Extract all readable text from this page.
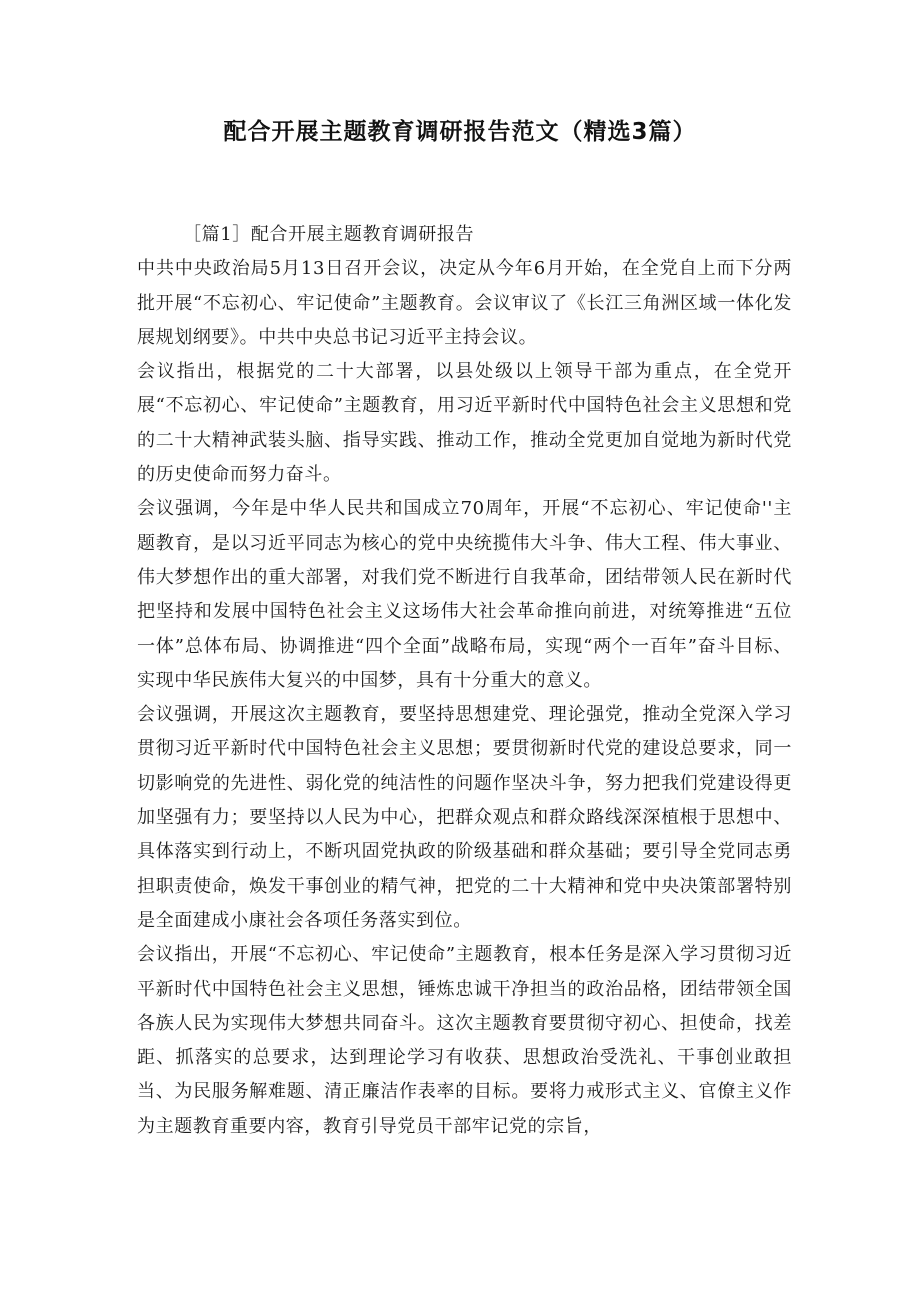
配合开展主题教育调研报告范文（精选3篇）
［篇1］配合开展主题教育调研报告

中共中央政治局5月13日召开会议，决定从今年6月开始，在全党自上而下分两批开展“不忘初心、牢记使命”主题教育。会议审议了《长江三角洲区域一体化发展规划纲要》。中共中央总书记习近平主持会议。

会议指出，根据党的二十大部署，以县处级以上领导干部为重点，在全党开展“不忘初心、牢记使命”主题教育，用习近平新时代中国特色社会主义思想和党的二十大精神武装头脑、指导实践、推动工作，推动全党更加自觉地为新时代党的历史使命而努力奋斗。

会议强调，今年是中华人民共和国成立70周年，开展“不忘初心、牢记使命''主题教育，是以习近平同志为核心的党中央统揽伟大斗争、伟大工程、伟大事业、伟大梦想作出的重大部署，对我们党不断进行自我革命，团结带领人民在新时代把坚持和发展中国特色社会主义这场伟大社会革命推向前进，对统筹推进“五位一体”总体布局、协调推进“四个全面”战略布局，实现“两个一百年”奋斗目标、实现中华民族伟大复兴的中国梦，具有十分重大的意义。

会议强调，开展这次主题教育，要坚持思想建党、理论强党，推动全党深入学习贯彻习近平新时代中国特色社会主义思想；要贯彻新时代党的建设总要求，同一切影响党的先进性、弱化党的纯洁性的问题作坚决斗争，努力把我们党建设得更加坚强有力；要坚持以人民为中心，把群众观点和群众路线深深植根于思想中、具体落实到行动上，不断巩固党执政的阶级基础和群众基础；要引导全党同志勇担职责使命，焕发干事创业的精气神，把党的二十大精神和党中央决策部署特别是全面建成小康社会各项任务落实到位。

会议指出，开展“不忘初心、牢记使命”主题教育，根本任务是深入学习贯彻习近平新时代中国特色社会主义思想，锤炼忠诚干净担当的政治品格，团结带领全国各族人民为实现伟大梦想共同奋斗。这次主题教育要贯彻守初心、担使命，找差距、抓落实的总要求，达到理论学习有收获、思想政治受洗礼、干事创业敢担当、为民服务解难题、清正廉洁作表率的目标。要将力戒形式主义、官僚主义作为主题教育重要内容，教育引导党员干部牢记党的宗旨，
